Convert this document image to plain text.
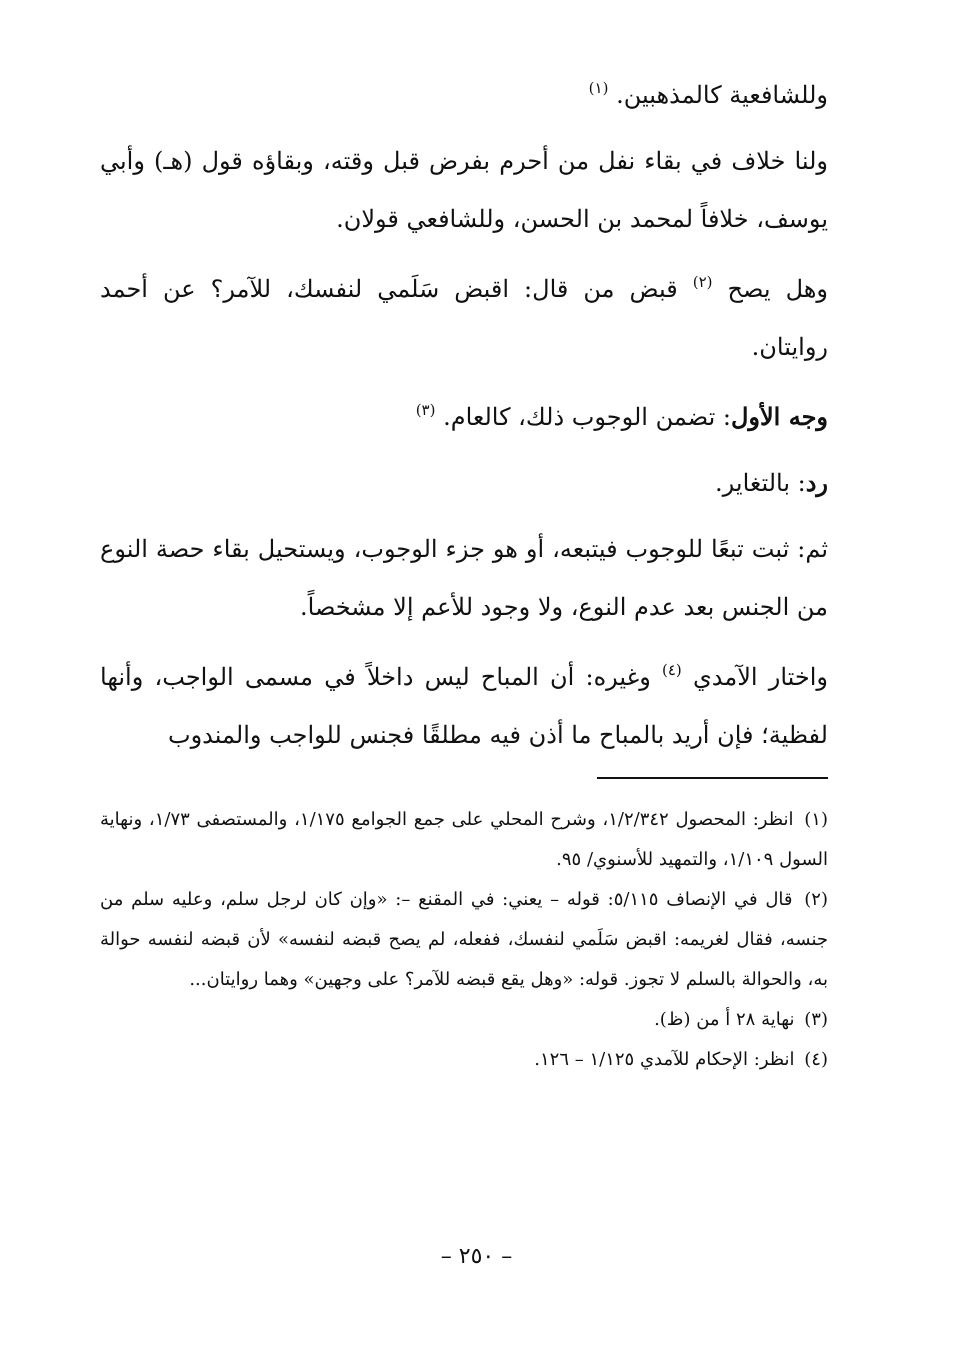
وللشافعية كالمذهبين. $^{(١)}$

ولنا خلاف في بقاء نفل من أحرم بفرض قبل وقته، وبقاؤه قول (هـ) وأبي يوسف، خلافاً لمحمد بن الحسن، وللشافعي قولان.

وهل يصح $^{(٢)}$ قبض من قال: اقبض سَلَمي لنفسك، للآمر؟ عن أحمد روايتان.

وجه الأول: تضمن الوجوب ذلك، كالعام. $^{(٣)}$

رد: بالتغاير.

ثم: ثبت تبعًا للوجوب فيتبعه، أو هو جزء الوجوب، ويستحيل بقاء حصة النوع من الجنس بعد عدم النوع، ولا وجود للأعم إلا مشخصاً.

واختار الآمدي $^{(٤)}$ وغيره: أن المباح ليس داخلاً في مسمى الواجب، وأنها لفظية؛ فإن أريد بالمباح ما أذن فيه مطلقًا فجنس للواجب والمندوب

(١) انظر: المحصول ١/٢/٣٤٢، وشرح المحلي على جمع الجوامع ١/١٧٥، والمستصفى ١/٧٣، ونهاية السول ١/١٠٩، والتمهيد للأسنوي/ ٩٥.

(٢) قال في الإنصاف ٥/١١٥: قوله – يعني: في المقنع –: «وإن كان لرجل سلم، وعليه سلم من جنسه، فقال لغريمه: اقبض سَلَمي لنفسك، ففعله، لم يصح قبضه لنفسه» لأن قبضه لنفسه حوالة به، والحوالة بالسلم لا تجوز. قوله: «وهل يقع قبضه للآمر؟ على وجهين» وهما روايتان...

(٣) نهاية ٢٨ أ من (ظ).

(٤) انظر: الإحكام للآمدي ١/١٢٥ – ١٢٦.

– ٢٥٠ –
